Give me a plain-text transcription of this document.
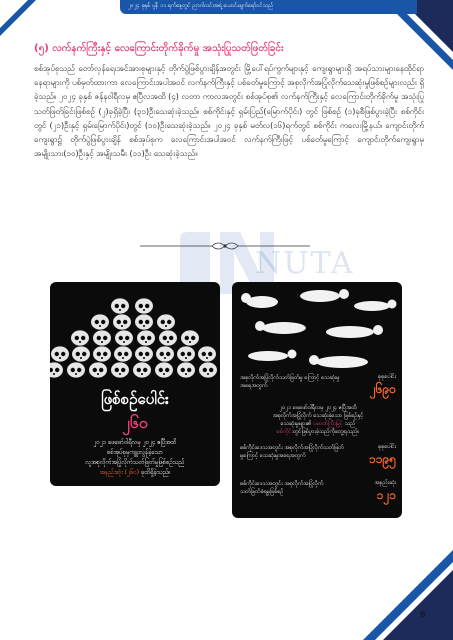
၂၀၂၄ ခုနှစ် ပူနီ ၁၁ ရက်နေ့တွင် ညာဂါလင်းအရဲ့ ယောင်းဖျက်ရော်ဝင်သည်
(၅) လက်နက်ကြီးနှင့် လေကြောင်းတိုက်ခိုက်မှု အသုံးပြုသတ်ဖြတ်ခြင်း
စစ်အုပ်စုသည် တော်လှန်ရေးအင်အားစုများနှင့် တိုက်ပွဲဖြစ်ပွားချိန်အတွင်း မြို့ပေါ်ရပ်ကွက်များနှင့် ကျေးရွာများရှိ အရပ်သားများနေထိုင်ရာနေရာများကို ပစ်မှတ်ထားကာ လေကြောင်းအပါအဝင် လက်နက်ကြီးနှင့် ပစ်ခတ်မှုကြောင့် အစုလိုက်အပြုံလိုက်သေဆုံးမှုဖြစ်စဉ်များလည်း ရှိခဲ့သည်။ ၂၀၂၄ ခုနှစ် ဇန်နဝါရီလမှ ဧပြီလအထိ (၄) လတာ ကာလအတွင်း စစ်အုပ်စု၏ လက်နက်ကြီးနှင့် လေကြောင်းတိုက်ခိုက်မှု အသုံးပြုသတ်ဖြတ်ခြင်းဖြစ်စဉ် (၂)ခုရှိခဲ့ပြီး (၃၁)ဦးသေဆုံးခဲ့သည်။ စစ်ကိုင်းနှင့် ရှမ်းပြည်(မြောက်ပိုင်း) တွင် ဖြစ်စဉ် (၁)ခုစီဖြစ်ပွားခဲ့ပြီး စစ်ကိုင်းတွင် (၂၁)ဦးနှင့် ရှမ်းမြောက်ပိုင်း)တွင် (၁၀)ဦးသေဆုံးခဲ့သည်။ ၂၀၂၄ ခုနှစ် မတ်လ(၁၆)ရက်တွင် စစ်ကိုင်း ကလေးမြို့နယ်၊ ကျောင်းတိုက်ကျေးရွာ၌ တိုက်ပွဲဖြစ်ပွားချိန် စစ်အုပ်စုက လေကြောင်းအပါအဝင် လက်နက်ကြီးဖြင့် ပစ်ခတ်မှုကြောင့် ကျောင်းတိုက်ကျေးရွာမှ အမျိုးသား(၁၀)ဦးနှင့် အမျိုးသမီး (၁၁)ဦး သေဆုံးခဲ့သည်။
NUTA
ဖြစ်စဉ်ပေါင်း
၂၆၀
၂၀၂၁ ဖေဖော်ဝါရီလမှ ၂၀၂၄ ဧပြီအထိ
စစ်အုပ်စုမှကျူးလွန်ခဲ့သော
လူအစုလိုက်အပြုံလိုက်သတ်ဖြတ်မှုဖြစ်စဉ်သည်
အနည်းဆုံး (၂၆၀) ခုထိရှိခဲ့သည်။
အစုလိုက်အပြုံလိုက်သတ်ဖြတ်မှု ကြောင့် သေဆုံးမှုအရေအတွက်
စုစုပေါင်း
၂၆၉၀
၂၀၂၁ ဖေဖော်ဝါရီလမှ ၂၀၂၄ ဧပြီအထိ
အစုလိုက်အပြုံလိုက် သေဆုံးခဲ့သော ဖြစ်စဉ်နှင့်
သေဆုံးမှုများ၏ ပမာဏ်ကြီးမြင့် သည်
စစ်ကိုင်းတွင်ဖြစ်ပွားခဲ့သည်ကိုတွေ့ရသည်။
စစ်ကိုင်းဒေသအတွင်း အစုလိုက်အပြုံလိုက်သတ်ဖြတ်မှုကြောင့် သေဆုံးမှုအရေအတွက်
စုစုပေါင်း
၁၁၉၅
စစ်ကိုင်းဒေသအတွင်း အစုလိုက်အပြုံလိုက် သတ်ဖြတ်ခံရမှုဖြစ်စဉ်
အနည်းဆုံး
၁၂၁
6
